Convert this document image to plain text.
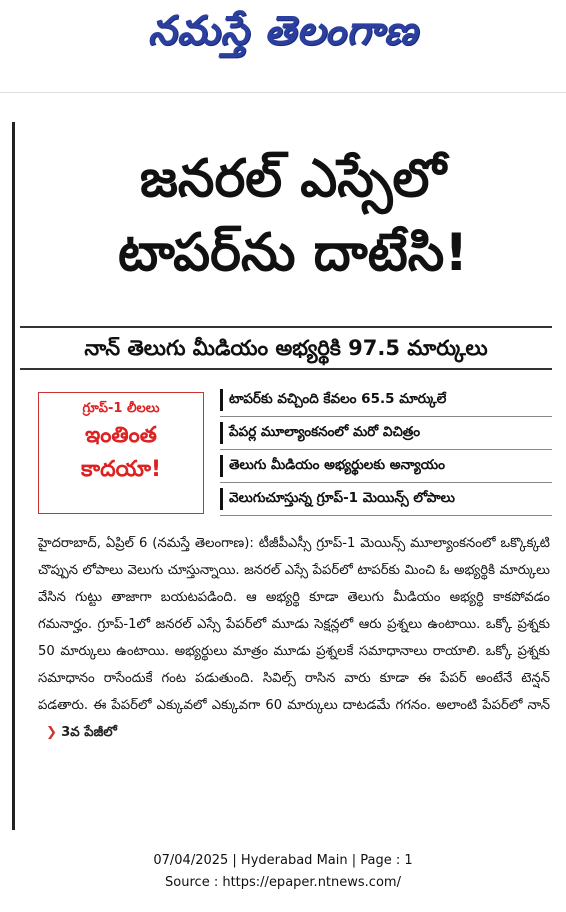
నమస్తే తెలంగాణ
జనరల్ ఎస్సేలో
టాపర్‌ను దాటేసి!
నాన్ తెలుగు మీడియం అభ్యర్థికి 97.5 మార్కులు
గ్రూప్-1 లీలలు
ఇంతింత
కాదయా!
టాపర్‌కు వచ్చింది కేవలం 65.5 మార్కులే
పేపర్ల మూల్యాంకనంలో మరో విచిత్రం
తెలుగు మీడియం అభ్యర్థులకు అన్యాయం
వెలుగుచూస్తున్న గ్రూప్-1 మెయిన్స్ లోపాలు

హైదరాబాద్, ఏప్రిల్ 6 (నమస్తే తెలంగాణ): టీజీపీఎస్సీ గ్రూప్-1 మెయిన్స్ మూల్యాంకనంలో ఒక్కొక్కటి చొప్పున లోపాలు వెలుగు చూస్తున్నాయి. జనరల్ ఎస్సే పేపర్‌లో టాపర్‌కు మించి ఓ అభ్యర్థికి మార్కులు వేసిన గుట్టు తాజాగా బయటపడింది. ఆ అభ్యర్థి కూడా తెలుగు మీడియం అభ్యర్థి కాకపోవడం గమనార్హం. గ్రూప్-1లో జనరల్ ఎస్సే పేపర్‌లో మూడు సెక్షన్లలో ఆరు ప్రశ్నలు ఉంటాయి. ఒక్కో ప్రశ్నకు 50 మార్కులు ఉంటాయి. అభ్యర్థులు మాత్రం మూడు ప్రశ్నలకే సమాధానాలు రాయాలి. ఒక్కో ప్రశ్నకు సమాధానం రాసేందుకే గంట పడుతుంది. సివిల్స్ రాసిన వారు కూడా ఈ పేపర్ అంటేనే టెన్షన్ పడతారు. ఈ పేపర్‌లో ఎక్కువలో ఎక్కువగా 60 మార్కులు దాటడమే గగనం. అలాంటి పేపర్‌లో నాన్ ❯ 3వ పేజీలో

07/04/2025 | Hyderabad Main | Page : 1
Source : https://epaper.ntnews.com/
